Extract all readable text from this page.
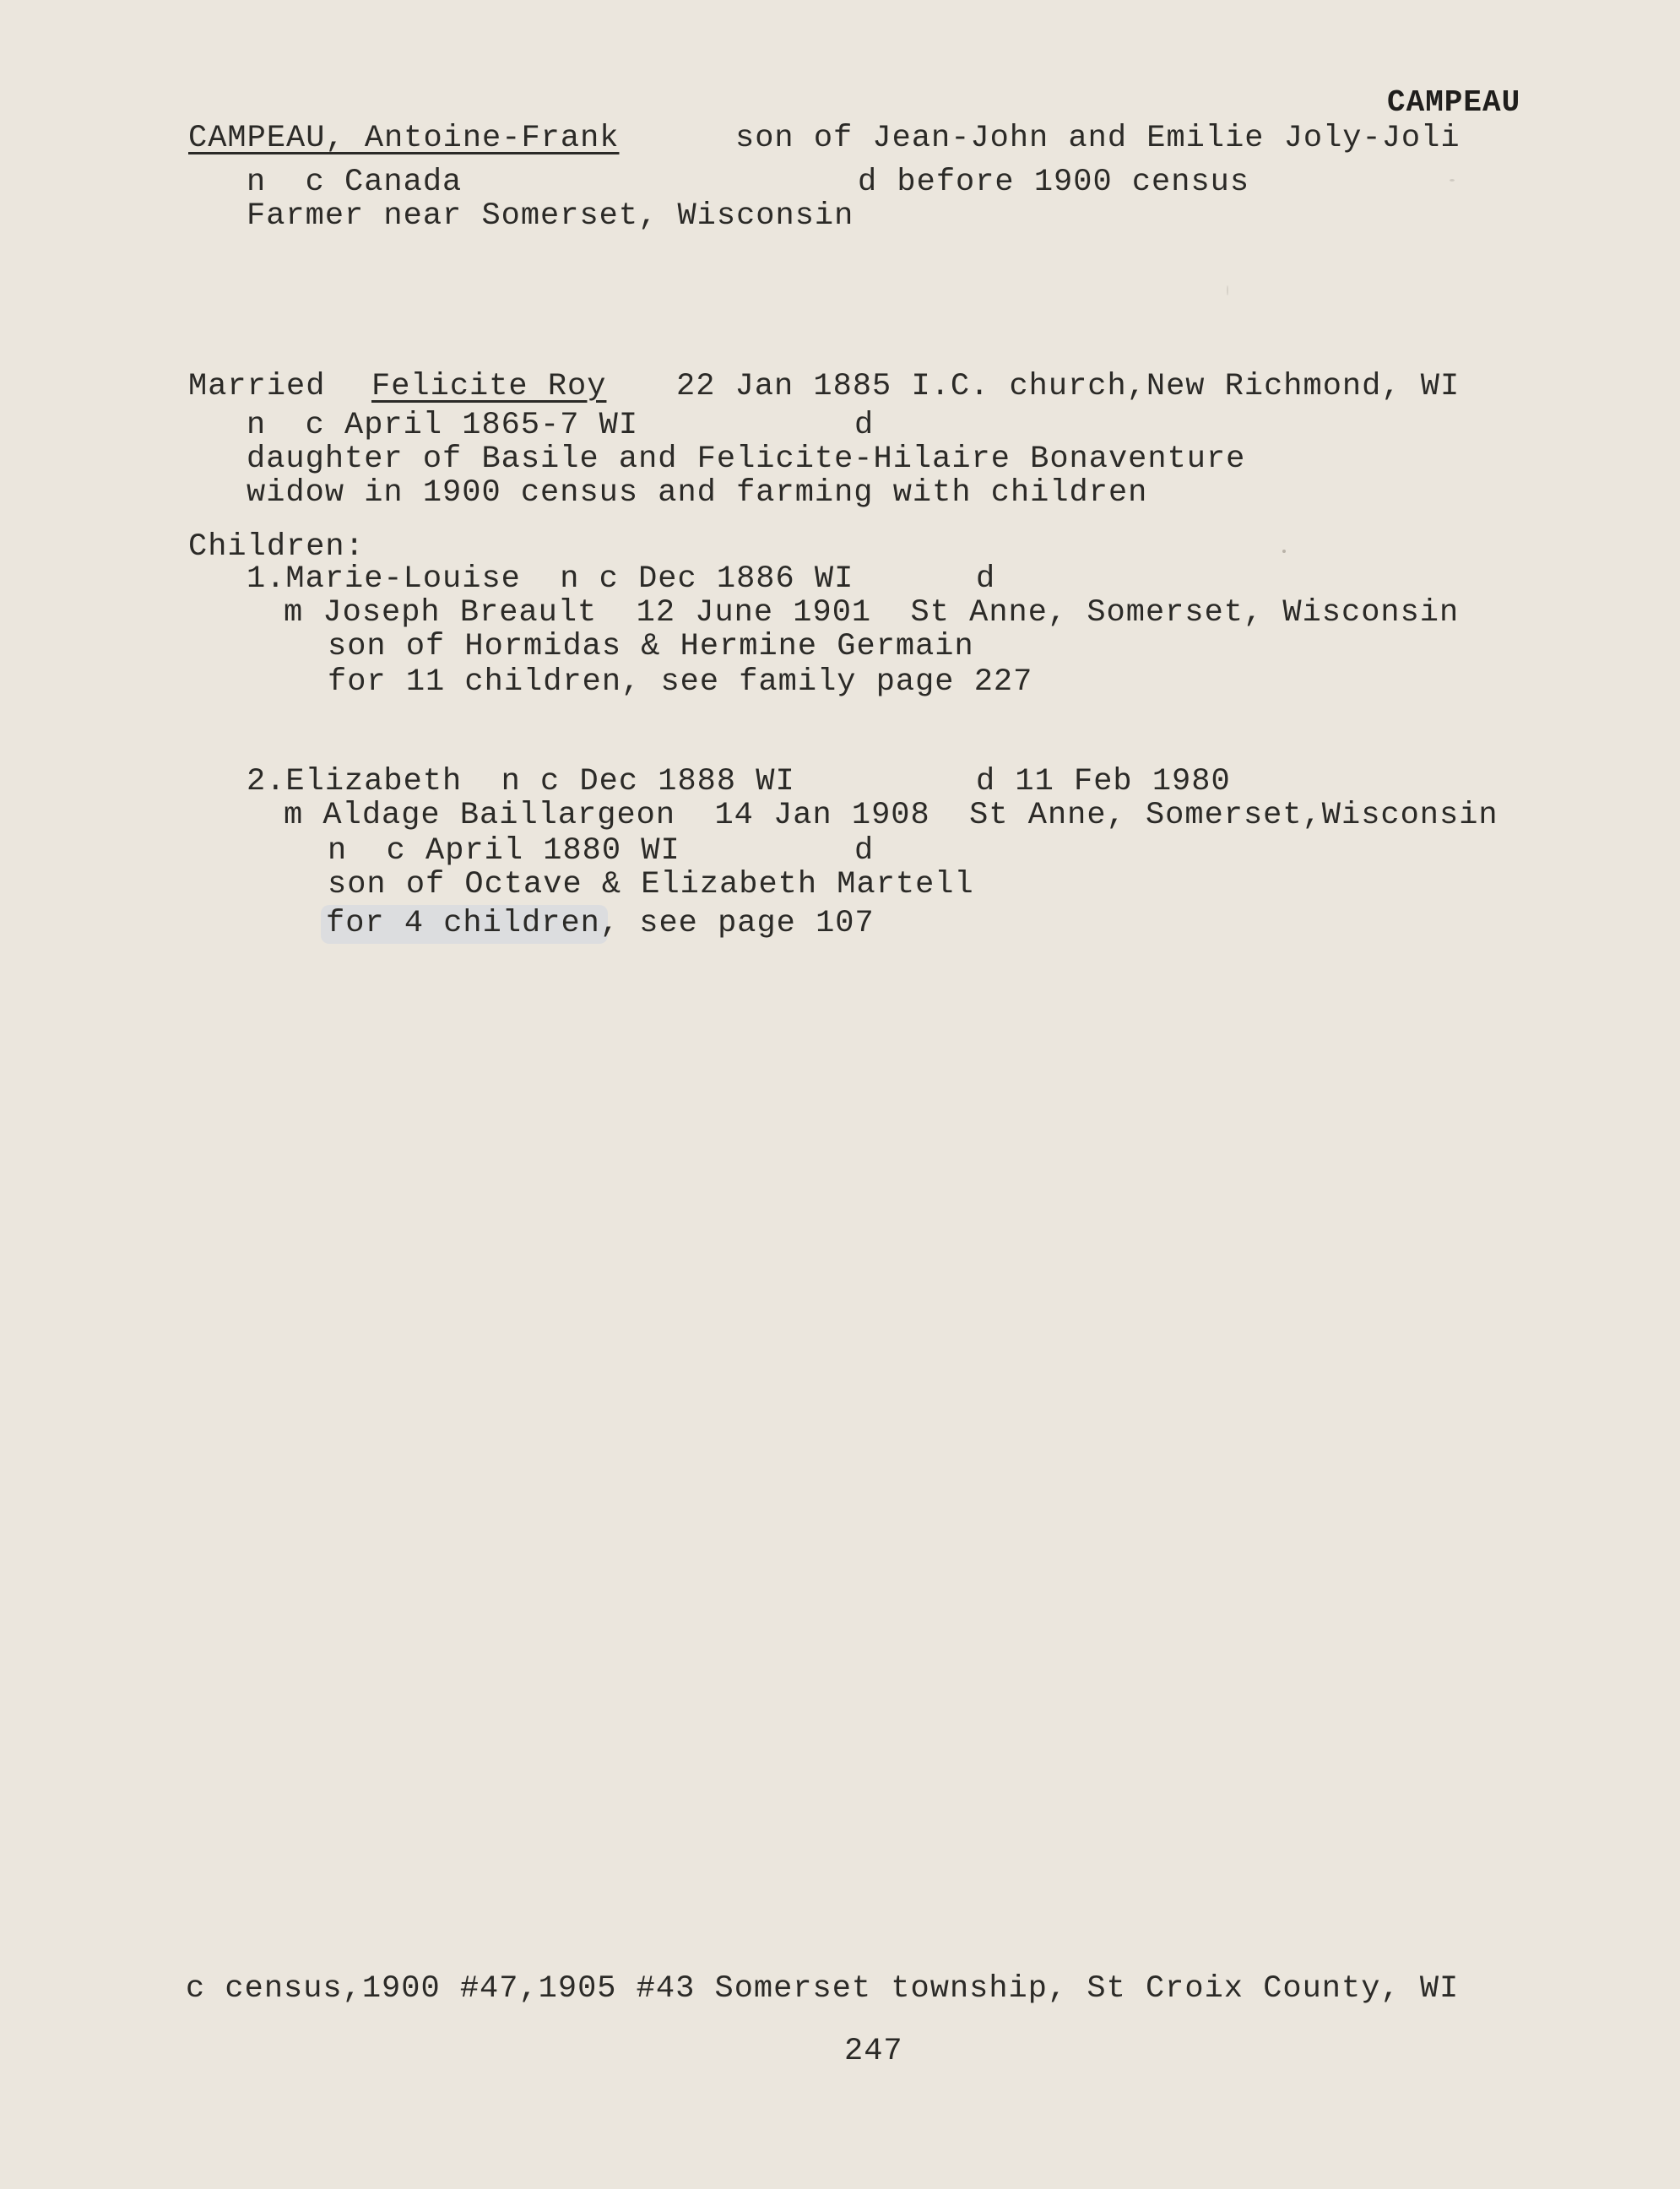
CAMPEAU
CAMPEAU, Antoine-Frank	son of Jean-John and Emilie Joly-Joli
n  c Canada	d before 1900 census
Farmer near Somerset, Wisconsin
Married Felicite Roy 22 Jan 1885 I.C. church,New Richmond, WI
n  c April 1865-7 WI	d
daughter of Basile and Felicite-Hilaire Bonaventure
widow in 1900 census and farming with children
Children:
1.Marie-Louise  n c Dec 1886 WI	d
m Joseph Breault  12 June 1901  St Anne, Somerset, Wisconsin
son of Hormidas & Hermine Germain
for 11 children, see family page 227
2.Elizabeth  n c Dec 1888 WI	d 11 Feb 1980
m Aldage Baillargeon  14 Jan 1908  St Anne, Somerset,Wisconsin
n  c April 1880 WI	d
son of Octave & Elizabeth Martell
for 4 children, see page 107
c census,1900 #47,1905 #43 Somerset township, St Croix County, WI
247
